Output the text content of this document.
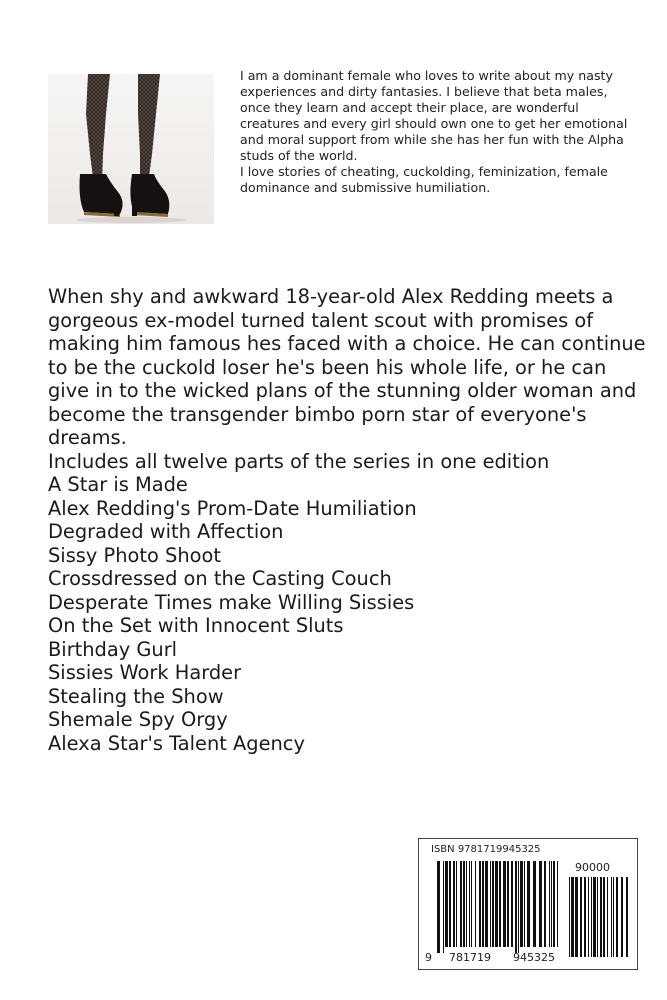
I am a dominant female who loves to write about my nasty experiences and dirty fantasies. I believe that beta males, once they learn and accept their place, are wonderful creatures and every girl should own one to get her emotional and moral support from while she has her fun with the Alpha studs of the world.

I love stories of cheating, cuckolding, feminization, female dominance and submissive humiliation.

When shy and awkward 18-year-old Alex Redding meets a gorgeous ex-model turned talent scout with promises of making him famous hes faced with a choice. He can continue to be the cuckold loser he's been his whole life, or he can give in to the wicked plans of the stunning older woman and become the transgender bimbo porn star of everyone's dreams.

Includes all twelve parts of the series in one edition

A Star is Made
Alex Redding's Prom-Date Humiliation
Degraded with Affection
Sissy Photo Shoot
Crossdressed on the Casting Couch
Desperate Times make Willing Sissies
On the Set with Innocent Sluts
Birthday Gurl
Sissies Work Harder
Stealing the Show
Shemale Spy Orgy
Alexa Star's Talent Agency
ISBN 9781719945325
90000
9 781719 945325
